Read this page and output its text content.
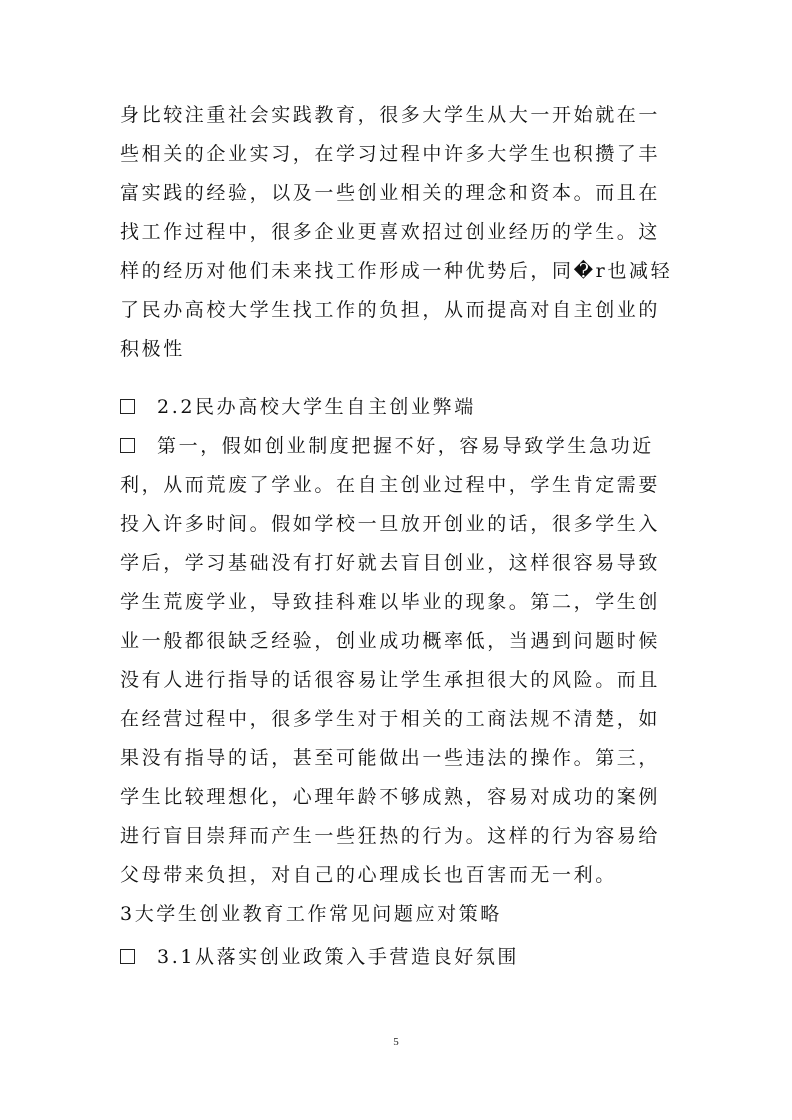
身比较注重社会实践教育，很多大学生从大一开始就在一
些相关的企业实习，在学习过程中许多大学生也积攒了丰
富实践的经验，以及一些创业相关的理念和资本。而且在
找工作过程中，很多企业更喜欢招过创业经历的学生。这
样的经历对他们未来找工作形成一种优势后，同�r也减轻
了民办高校大学生找工作的负担，从而提高对自主创业的
积极性
2.2民办高校大学生自主创业弊端
第一，假如创业制度把握不好，容易导致学生急功近
利，从而荒废了学业。在自主创业过程中，学生肯定需要
投入许多时间。假如学校一旦放开创业的话，很多学生入
学后，学习基础没有打好就去盲目创业，这样很容易导致
学生荒废学业，导致挂科难以毕业的现象。第二，学生创
业一般都很缺乏经验，创业成功概率低，当遇到问题时候
没有人进行指导的话很容易让学生承担很大的风险。而且
在经营过程中，很多学生对于相关的工商法规不清楚，如
果没有指导的话，甚至可能做出一些违法的操作。第三，
学生比较理想化，心理年龄不够成熟，容易对成功的案例
进行盲目崇拜而产生一些狂热的行为。这样的行为容易给
父母带来负担，对自己的心理成长也百害而无一利。
3大学生创业教育工作常见问题应对策略
3.1从落实创业政策入手营造良好氛围
5
